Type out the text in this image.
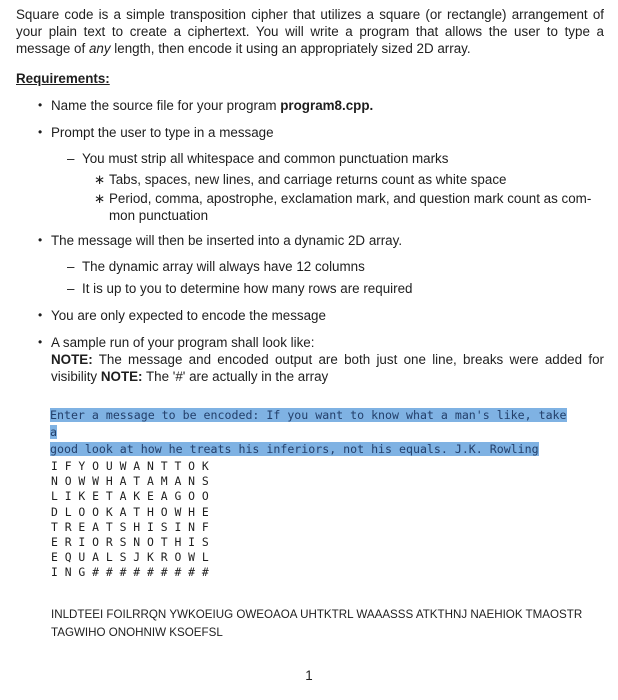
Square code is a simple transposition cipher that utilizes a square (or rectangle) arrangement of your plain text to create a ciphertext. You will write a program that allows the user to type a message of any length, then encode it using an appropriately sized 2D array.

Requirements:
• Name the source file for your program program8.cpp.
• Prompt the user to type in a message
– You must strip all whitespace and common punctuation marks
∗ Tabs, spaces, new lines, and carriage returns count as white space
∗ Period, comma, apostrophe, exclamation mark, and question mark count as com- mon punctuation
• The message will then be inserted into a dynamic 2D array.
– The dynamic array will always have 12 columns
– It is up to you to determine how many rows are required
• You are only expected to encode the message
• A sample run of your program shall look like:
NOTE: The message and encoded output are both just one line, breaks were added for visibility NOTE: The '#' are actually in the array
Enter a message to be encoded: If you want to know what a man's like, take a
good look at how he treats his inferiors, not his equals. J.K. Rowling
I F Y O U W A N T T O K
N O W W H A T A M A N S
L I K E T A K E A G O O
D L O O K A T H O W H E
T R E A T S H I S I N F
E R I O R S N O T H I S
E Q U A L S J K R O W L
I N G # # # # # # # # #
INLDTEEI FOILRRQN YWKOEIUG OWEOAOA UHTKTRL WAAASSS ATKTHNJ NAEHIOK TMAOSTR
TAGWIHO ONOHNIW KSOEFSL
1
